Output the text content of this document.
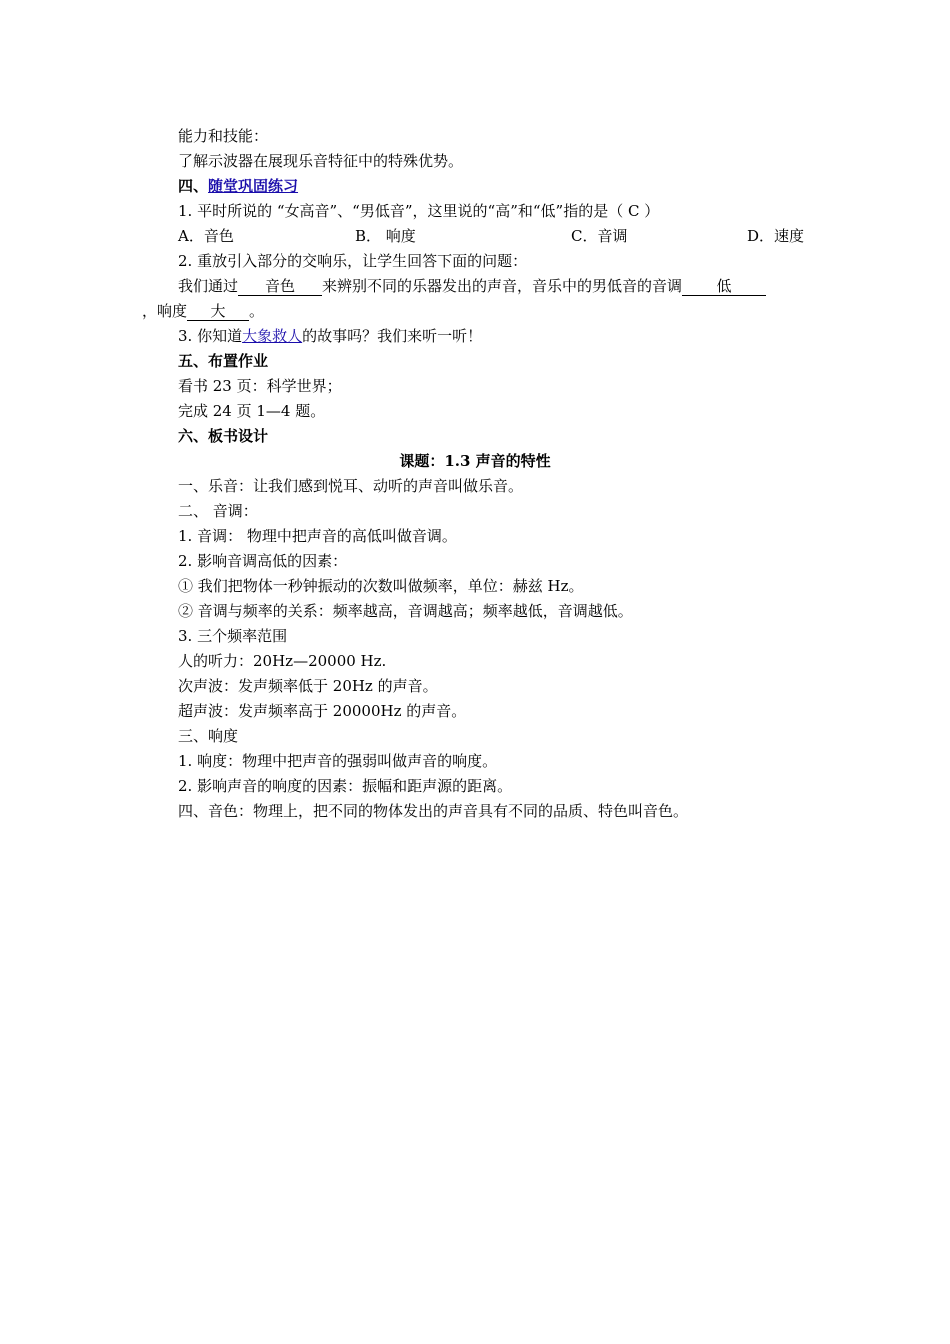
能力和技能：
了解示波器在展现乐音特征中的特殊优势。
四、随堂巩固练习
1. 平时所说的 “女高音”、“男低音”，这里说的“高”和“低”指的是（ C ）
A．音色	B． 响度	C．音调	D．速度
2. 重放引入部分的交响乐，让学生回答下面的问题：
我们通过 音色 来辨别不同的乐器发出的声音，音乐中的男低音的音调 低
，响度 大 。
3. 你知道大象救人的故事吗？我们来听一听！
五、布置作业
看书 23 页：科学世界；
完成 24 页 1—4 题。
六、板书设计
课题：1.3 声音的特性
一、乐音：让我们感到悦耳、动听的声音叫做乐音。
二、 音调：
1. 音调： 物理中把声音的高低叫做音调。
2. 影响音调高低的因素：
① 我们把物体一秒钟振动的次数叫做频率，单位：赫兹 Hz。
② 音调与频率的关系：频率越高，音调越高；频率越低，音调越低。
3. 三个频率范围
人的听力：20Hz—20000 Hz.
次声波：发声频率低于 20Hz 的声音。
超声波：发声频率高于 20000Hz 的声音。
三、响度
1. 响度：物理中把声音的强弱叫做声音的响度。
2. 影响声音的响度的因素：振幅和距声源的距离。
四、音色：物理上，把不同的物体发出的声音具有不同的品质、特色叫音色。
